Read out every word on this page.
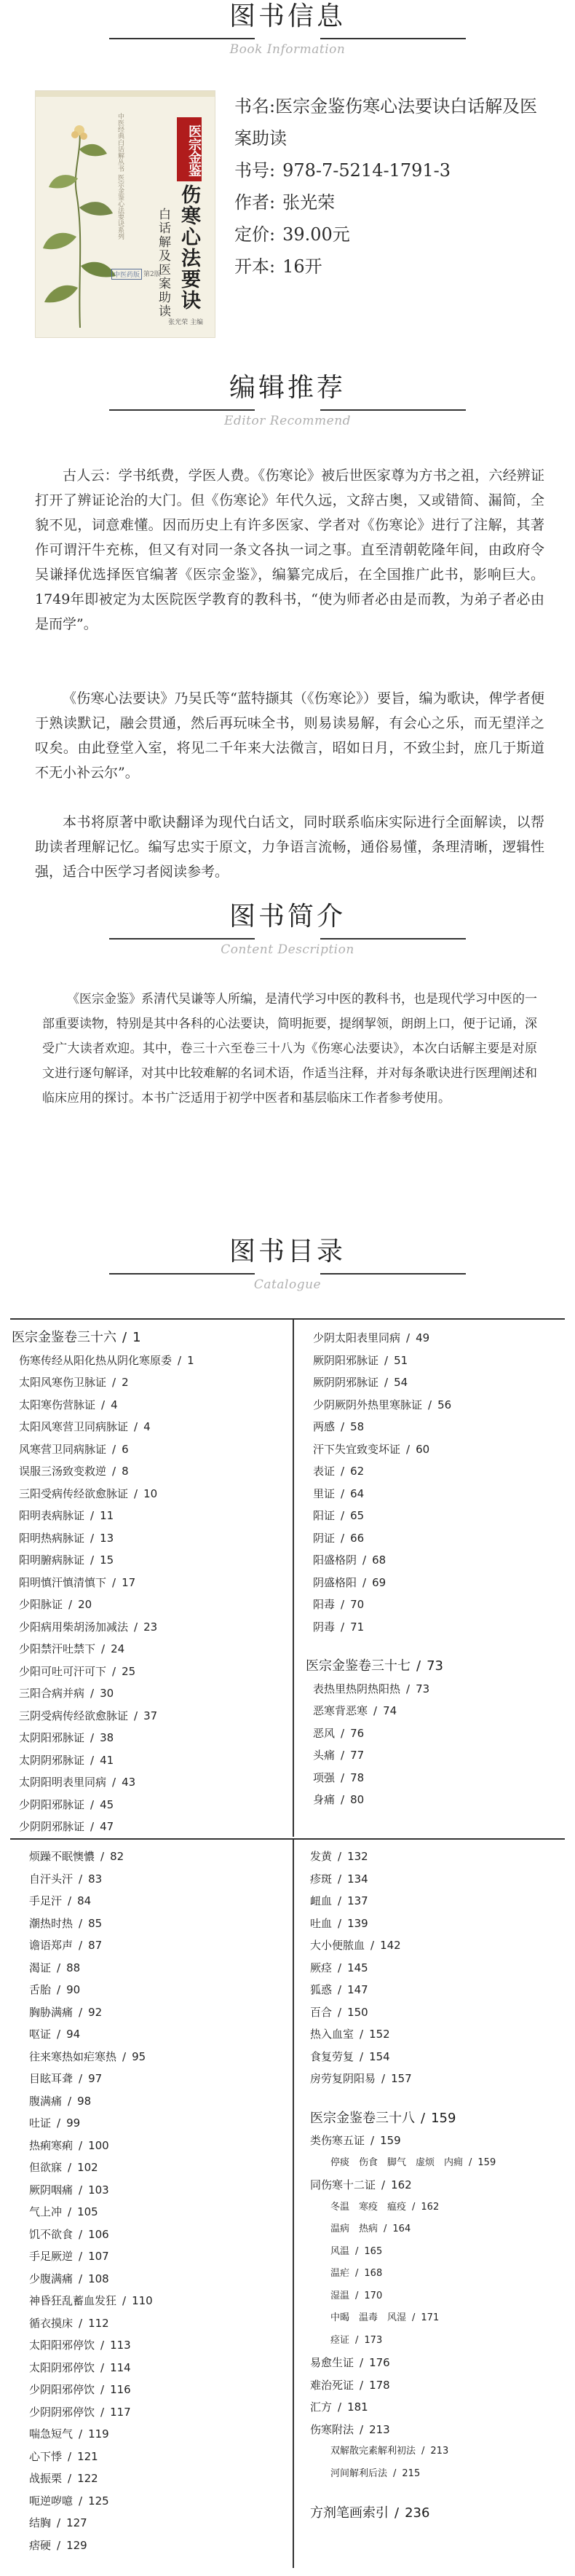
图书信息
Book Information
中医经典白话解丛书 医宗金鉴心法要诀系列	医宗金鉴
伤寒心法要诀
白话解及医案助读
中医药版 第2版
张光荣 主编
书名:医宗金鉴伤寒心法要诀白话解及医案助读
书号: 978-7-5214-1791-3
作者: 张光荣
定价: 39.00元
开本: 16开
编辑推荐
Editor Recommend
古人云：学书纸费，学医人费。《伤寒论》被后世医家尊为方书之祖，六经辨证打开了辨证论治的大门。但《伤寒论》年代久远，文辞古奥，又或错简、漏简，全貌不见，词意难懂。因而历史上有许多医家、学者对《伤寒论》进行了注解，其著作可谓汗牛充栋，但又有对同一条文各执一词之事。直至清朝乾隆年间，由政府令吴谦择优选择医官编著《医宗金鉴》，编纂完成后，在全国推广此书，影响巨大。1749年即被定为太医院医学教育的教科书，“使为师者必由是而教，为弟子者必由是而学”。
《伤寒心法要诀》乃吴氏等“蓝特撷其（《伤寒论》）要旨，编为歌诀，俾学者便于熟读默记，融会贯通，然后再玩味全书，则易读易解，有会心之乐，而无望洋之叹矣。由此登堂入室，将见二千年来大法微言，昭如日月，不致尘封，庶几于斯道不无小补云尔”。
本书将原著中歌诀翻译为现代白话文，同时联系临床实际进行全面解读，以帮助读者理解记忆。编写忠实于原文，力争语言流畅，通俗易懂，条理清晰，逻辑性强，适合中医学习者阅读参考。
图书简介
Content Description
《医宗金鉴》系清代吴谦等人所编，是清代学习中医的教科书，也是现代学习中医的一部重要读物，特别是其中各科的心法要诀，简明扼要，提纲挈领，朗朗上口，便于记诵，深受广大读者欢迎。其中，卷三十六至卷三十八为《伤寒心法要诀》，本次白话解主要是对原文进行逐句解译，对其中比较难解的名词术语，作适当注释，并对每条歌诀进行医理阐述和临床应用的探讨。本书广泛适用于初学中医者和基层临床工作者参考使用。
图书目录
Catalogue
医宗金鉴卷三十六 / 1
伤寒传经从阳化热从阴化寒原委 / 1
太阳风寒伤卫脉证 / 2
太阳寒伤营脉证 / 4
太阳风寒营卫同病脉证 / 4
风寒营卫同病脉证 / 6
误服三汤致变救逆 / 8
三阳受病传经欲愈脉证 / 10
阳明表病脉证 / 11
阳明热病脉证 / 13
阳明腑病脉证 / 15
阳明慎汗慎清慎下 / 17
少阳脉证 / 20
少阳病用柴胡汤加减法 / 23
少阳禁汗吐禁下 / 24
少阳可吐可汗可下 / 25
三阳合病并病 / 30
三阴受病传经欲愈脉证 / 37
太阴阳邪脉证 / 38
太阴阴邪脉证 / 41
太阴阳明表里同病 / 43
少阴阳邪脉证 / 45
少阴阴邪脉证 / 47
少阴太阳表里同病 / 49
厥阴阳邪脉证 / 51
厥阴阴邪脉证 / 54
少阴厥阴外热里寒脉证 / 56
两感 / 58
汗下失宜致变坏证 / 60
表证 / 62
里证 / 64
阳证 / 65
阴证 / 66
阳盛格阴 / 68
阴盛格阳 / 69
阳毒 / 70
阴毒 / 71
医宗金鉴卷三十七 / 73
表热里热阴热阳热 / 73
恶寒背恶寒 / 74
恶风 / 76
头痛 / 77
项强 / 78
身痛 / 80
烦躁不眠懊憹 / 82
自汗头汗 / 83
手足汗 / 84
潮热时热 / 85
谵语郑声 / 87
渴证 / 88
舌胎 / 90
胸胁满痛 / 92
呕证 / 94
往来寒热如疟寒热 / 95
目眩耳聋 / 97
腹满痛 / 98
吐证 / 99
热痢寒痢 / 100
但欲寐 / 102
厥阴咽痛 / 103
气上冲 / 105
饥不欲食 / 106
手足厥逆 / 107
少腹满痛 / 108
神昏狂乱蓄血发狂 / 110
循衣摸床 / 112
太阳阳邪停饮 / 113
太阳阴邪停饮 / 114
少阴阳邪停饮 / 116
少阴阴邪停饮 / 117
喘急短气 / 119
心下悸 / 121
战振栗 / 122
呃逆哕噫 / 125
结胸 / 127
痞硬 / 129
发黄 / 132
疹斑 / 134
衄血 / 137
吐血 / 139
大小便脓血 / 142
厥痉 / 145
狐惑 / 147
百合 / 150
热入血室 / 152
食复劳复 / 154
房劳复阴阳易 / 157
医宗金鉴卷三十八 / 159
类伤寒五证 / 159
停痰　伤食　脚气　虚烦　内痈 / 159
同伤寒十二证 / 162
冬温　寒疫　瘟疫 / 162
温病　热病 / 164
风温 / 165
温疟 / 168
湿温 / 170
中暍　温毒　风湿 / 171
痉证 / 173
易愈生证 / 176
难治死证 / 178
汇方 / 181
伤寒附法 / 213
双解散完素解利初法 / 213
河间解利后法 / 215
方剂笔画索引 / 236
